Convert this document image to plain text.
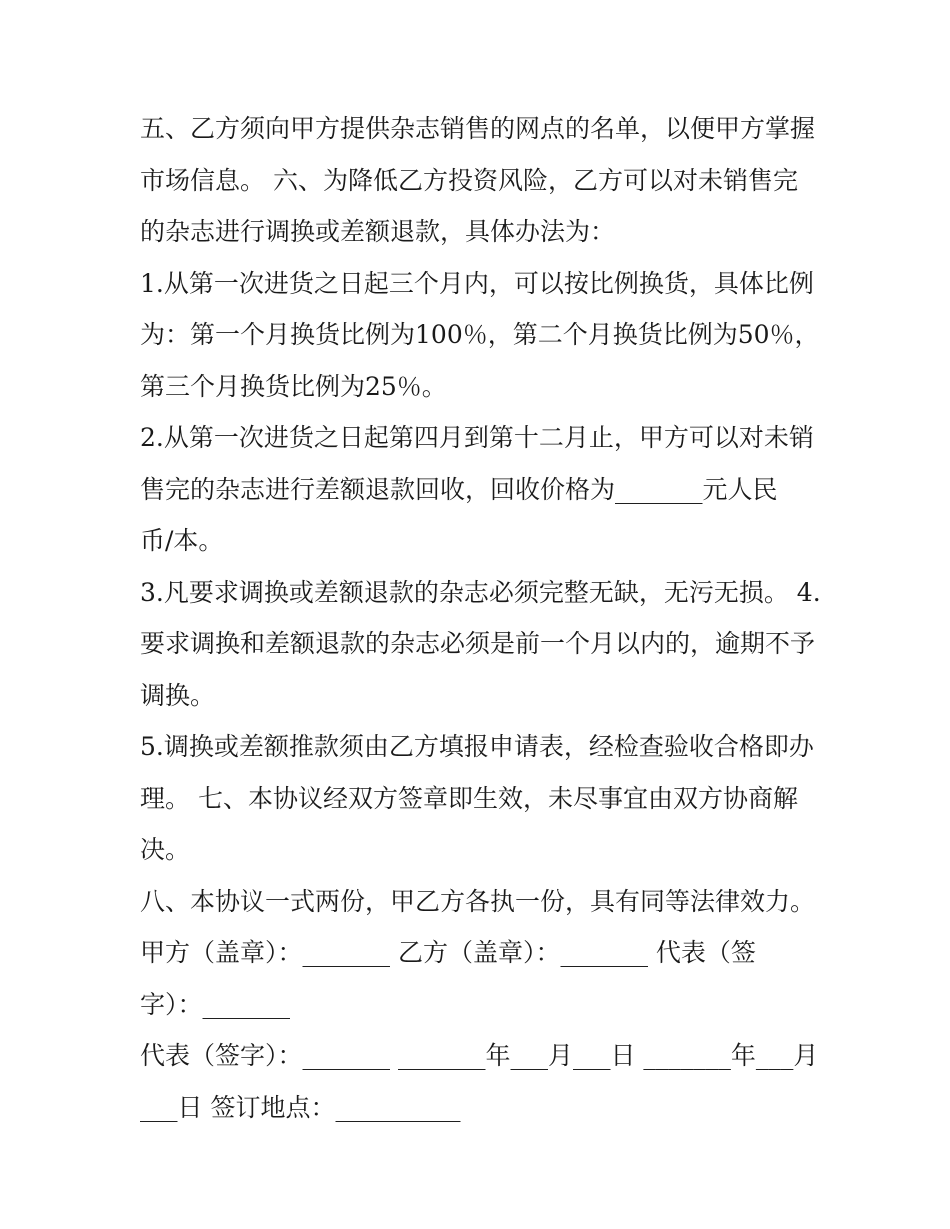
五、乙方须向甲方提供杂志销售的网点的名单，以便甲方掌握
市场信息。 六、为降低乙方投资风险，乙方可以对未销售完
的杂志进行调换或差额退款，具体办法为：
1.从第一次进货之日起三个月内，可以按比例换货，具体比例
为：第一个月换货比例为100％，第二个月换货比例为50％，
第三个月换货比例为25％。
2.从第一次进货之日起第四月到第十二月止，甲方可以对未销
售完的杂志进行差额退款回收，回收价格为_______元人民
币/本。
3.凡要求调换或差额退款的杂志必须完整无缺，无污无损。 4.
要求调换和差额退款的杂志必须是前一个月以内的，逾期不予
调换。
5.调换或差额推款须由乙方填报申请表，经检查验收合格即办
理。 七、本协议经双方签章即生效，未尽事宜由双方协商解
决。
八、本协议一式两份，甲乙方各执一份，具有同等法律效力。
甲方（盖章）：_______ 乙方（盖章）：_______ 代表（签
字）：_______
代表（签字）：_______ _______年___月___日 _______年___月
___日 签订地点：__________
